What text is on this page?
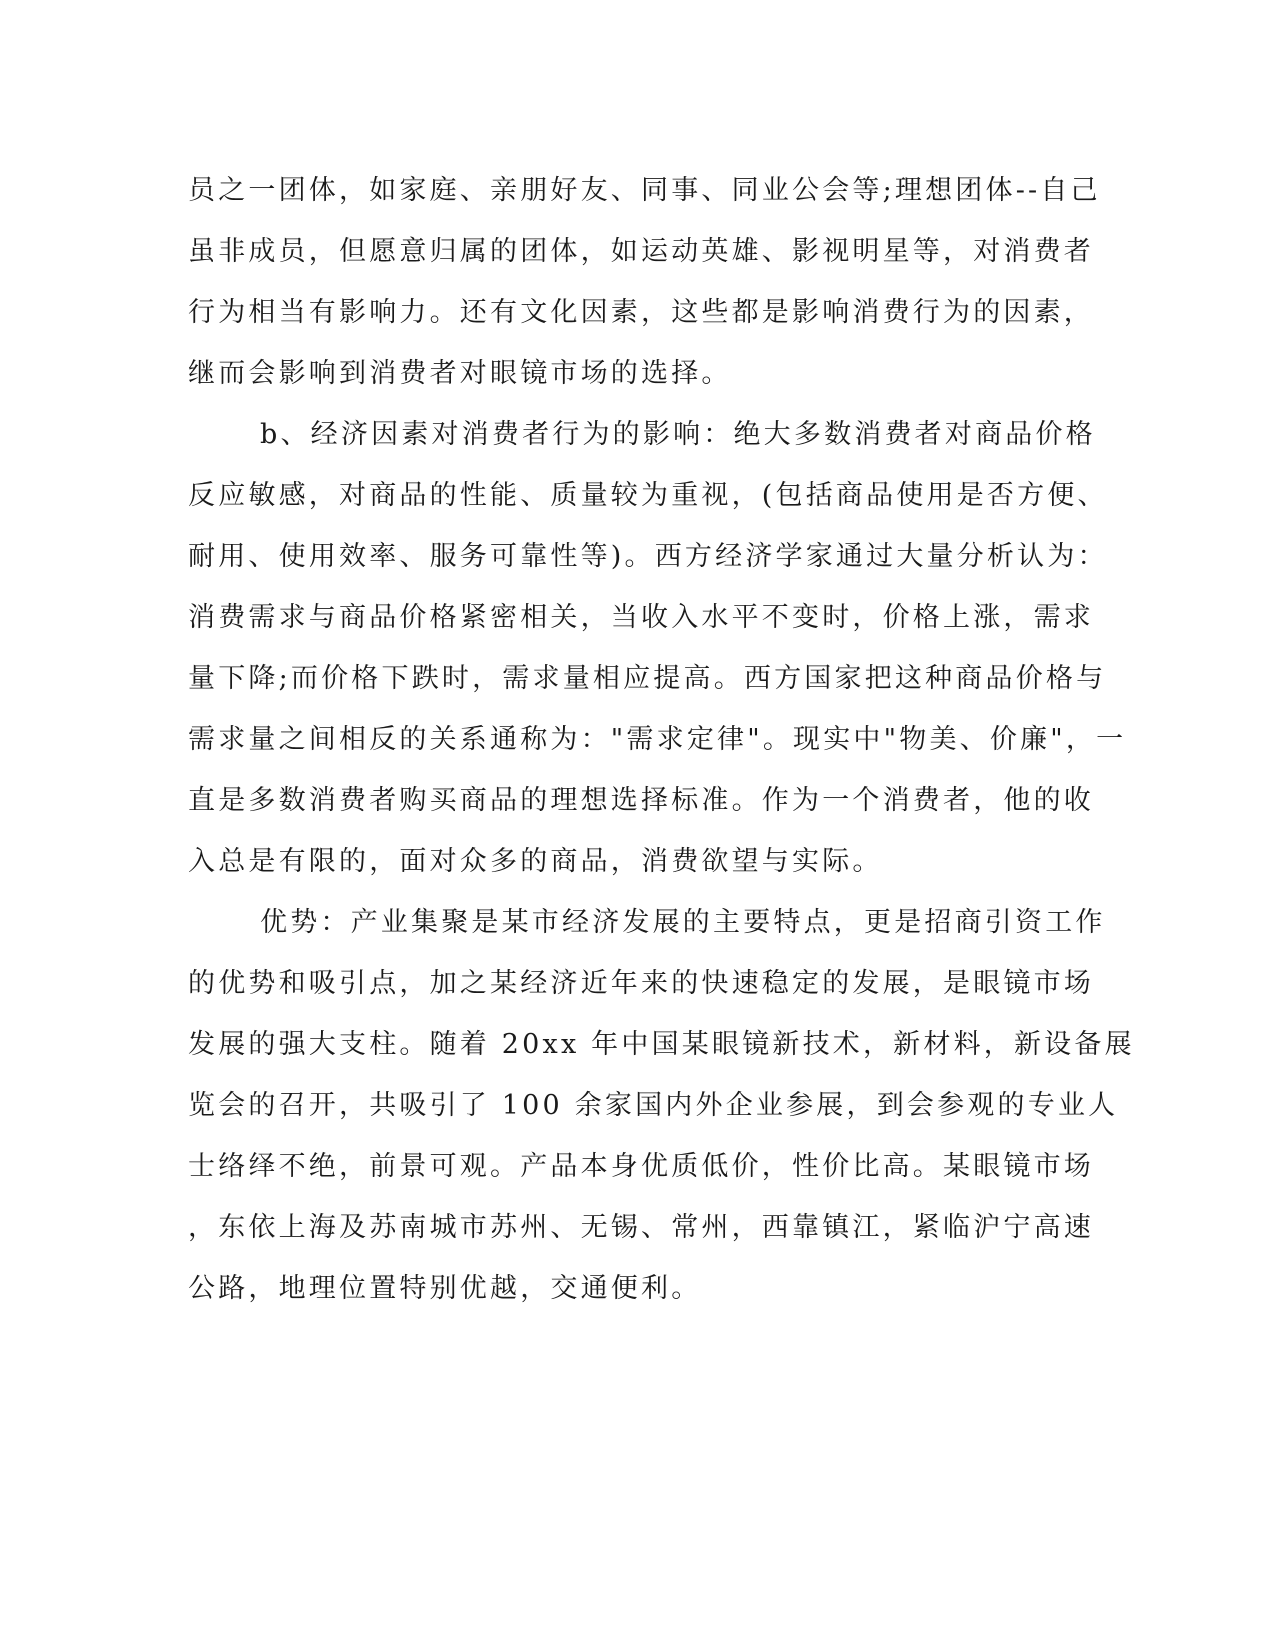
员之一团体，如家庭、亲朋好友、同事、同业公会等;理想团体--自己
虽非成员，但愿意归属的团体，如运动英雄、影视明星等，对消费者
行为相当有影响力。还有文化因素，这些都是影响消费行为的因素，
继而会影响到消费者对眼镜市场的选择。
b、经济因素对消费者行为的影响：绝大多数消费者对商品价格
反应敏感，对商品的性能、质量较为重视，(包括商品使用是否方便、
耐用、使用效率、服务可靠性等)。西方经济学家通过大量分析认为：
消费需求与商品价格紧密相关，当收入水平不变时，价格上涨，需求
量下降;而价格下跌时，需求量相应提高。西方国家把这种商品价格与
需求量之间相反的关系通称为："需求定律"。现实中"物美、价廉"，一
直是多数消费者购买商品的理想选择标准。作为一个消费者，他的收
入总是有限的，面对众多的商品，消费欲望与实际。
优势：产业集聚是某市经济发展的主要特点，更是招商引资工作
的优势和吸引点，加之某经济近年来的快速稳定的发展，是眼镜市场
发展的强大支柱。随着 20xx 年中国某眼镜新技术，新材料，新设备展
览会的召开，共吸引了 100 余家国内外企业参展，到会参观的专业人
士络绎不绝，前景可观。产品本身优质低价，性价比高。某眼镜市场
，东依上海及苏南城市苏州、无锡、常州，西靠镇江，紧临沪宁高速
公路，地理位置特别优越，交通便利。
